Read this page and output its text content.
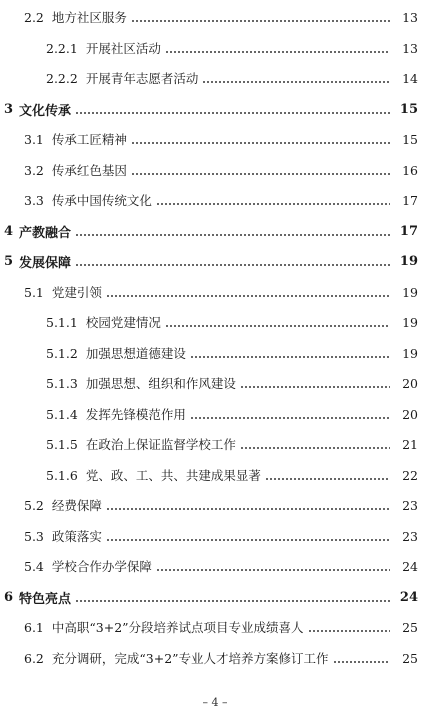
2.2 地方社区服务	13
2.2.1 开展社区活动	13
2.2.2 开展青年志愿者活动	14
3 文化传承	15
3.1 传承工匠精神	15
3.2 传承红色基因	16
3.3 传承中国传统文化	17
4 产教融合	17
5 发展保障	19
5.1 党建引领	19
5.1.1 校园党建情况	19
5.1.2 加强思想道德建设	19
5.1.3 加强思想、组织和作风建设	20
5.1.4 发挥先锋模范作用	20
5.1.5 在政治上保证监督学校工作	21
5.1.6 党、政、工、共、共建成果显著	22
5.2 经费保障	23
5.3 政策落实	23
5.4 学校合作办学保障	24
6 特色亮点	24
6.1 中高职“3+2”分段培养试点项目专业成绩喜人	25
6.2 充分调研，完成“3+2”专业人才培养方案修订工作	25
– 4 –
